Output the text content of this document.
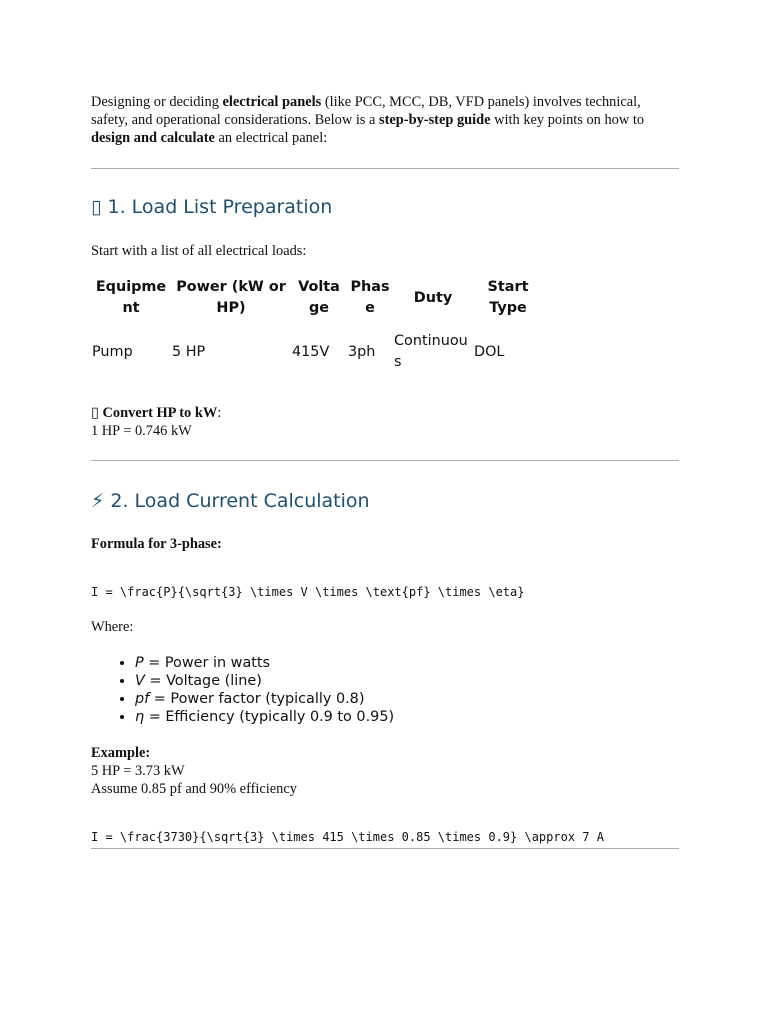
Designing or deciding electrical panels (like PCC, MCC, DB, VFD panels) involves technical, safety, and operational considerations. Below is a step-by-step guide with key points on how to design and calculate an electrical panel:

▯ 1. Load List Preparation

Start with a list of all electrical loads:

Equipme nt	Power (kW or HP)	Volta ge	Phas e	Duty	Start Type
Pump	5 HP	415V	3ph	Continuous	DOL

▯ Convert HP to kW:
1 HP = 0.746 kW

⚡ 2. Load Current Calculation

Formula for 3-phase:

I = \frac{P}{\sqrt{3} \times V \times \text{pf} \times \eta}

Where:

• P = Power in watts
• V = Voltage (line)
• pf = Power factor (typically 0.8)
• η = Efficiency (typically 0.9 to 0.95)

Example:
5 HP = 3.73 kW
Assume 0.85 pf and 90% efficiency

I = \frac{3730}{\sqrt{3} \times 415 \times 0.85 \times 0.9} \approx 7 A
